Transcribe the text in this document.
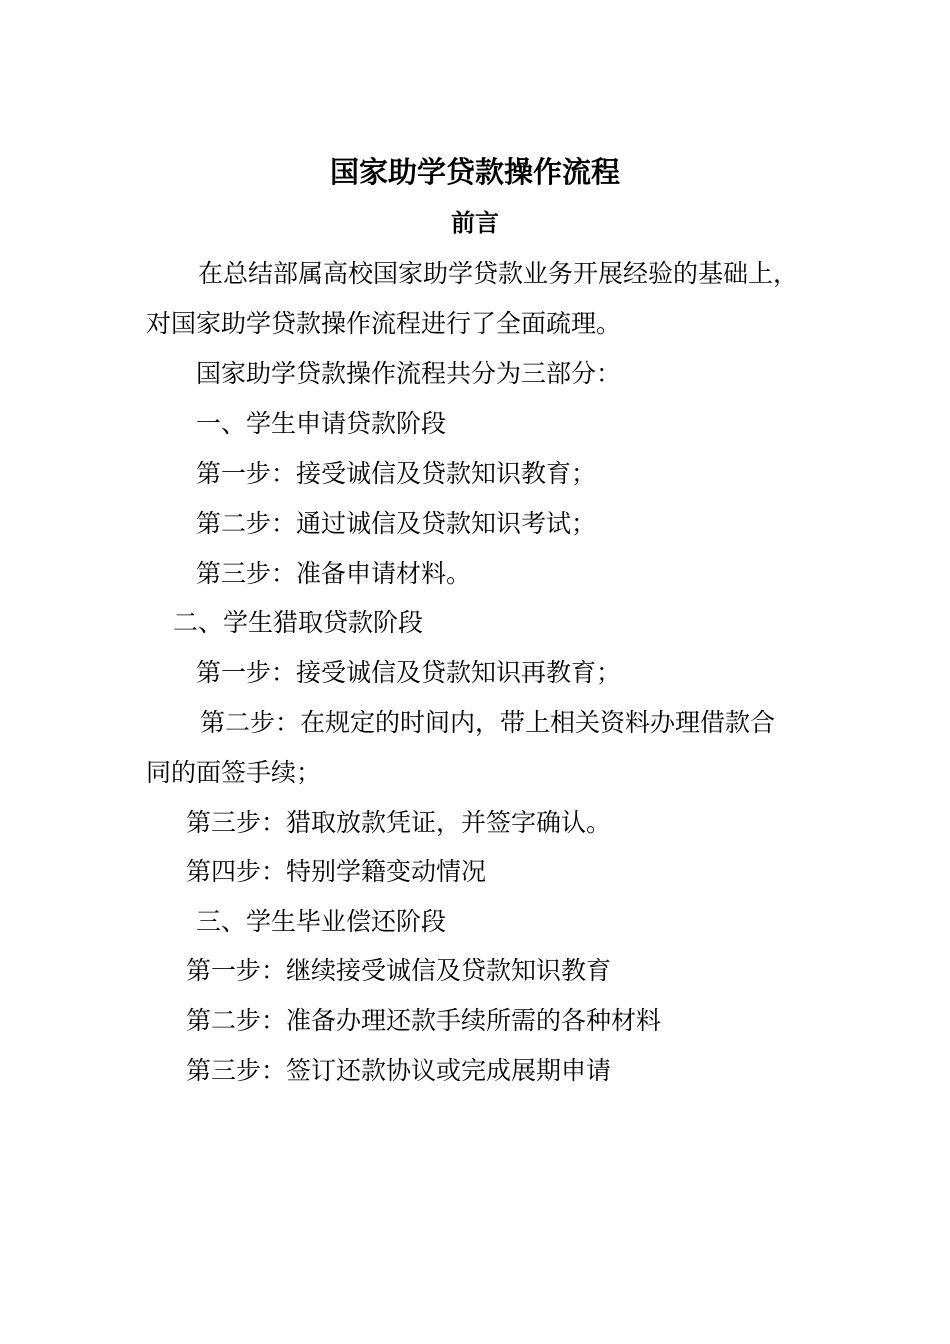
国家助学贷款操作流程
前言
在总结部属高校国家助学贷款业务开展经验的基础上，
对国家助学贷款操作流程进行了全面疏理。
国家助学贷款操作流程共分为三部分：
一、学生申请贷款阶段
第一步：接受诚信及贷款知识教育；
第二步：通过诚信及贷款知识考试；
第三步：准备申请材料。
二、学生猎取贷款阶段
第一步：接受诚信及贷款知识再教育；
第二步：在规定的时间内，带上相关资料办理借款合
同的面签手续；
第三步：猎取放款凭证，并签字确认。
第四步：特别学籍变动情况
三、学生毕业偿还阶段
第一步：继续接受诚信及贷款知识教育
第二步：准备办理还款手续所需的各种材料
第三步：签订还款协议或完成展期申请
